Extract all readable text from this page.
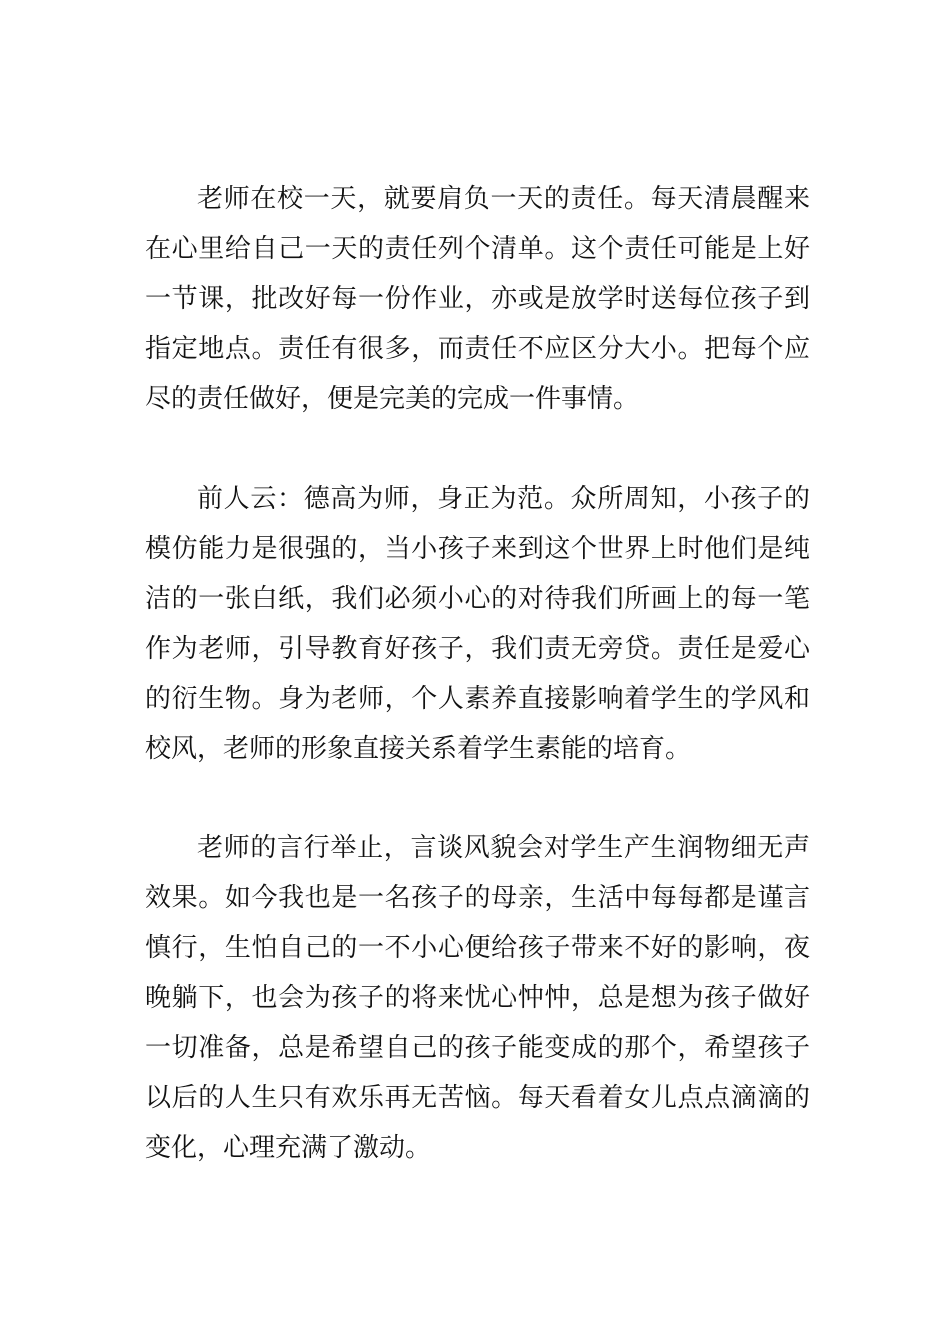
老师在校一天，就要肩负一天的责任。每天清晨醒来在心里给自己一天的责任列个清单。这个责任可能是上好一节课，批改好每一份作业，亦或是放学时送每位孩子到指定地点。责任有很多，而责任不应区分大小。把每个应尽的责任做好，便是完美的完成一件事情。

前人云：德高为师，身正为范。众所周知，小孩子的模仿能力是很强的，当小孩子来到这个世界上时他们是纯洁的一张白纸，我们必须小心的对待我们所画上的每一笔作为老师，引导教育好孩子，我们责无旁贷。责任是爱心的衍生物。身为老师，个人素养直接影响着学生的学风和校风，老师的形象直接关系着学生素能的培育。

老师的言行举止，言谈风貌会对学生产生润物细无声效果。如今我也是一名孩子的母亲，生活中每每都是谨言慎行，生怕自己的一不小心便给孩子带来不好的影响，夜晚躺下，也会为孩子的将来忧心忡忡，总是想为孩子做好一切准备，总是希望自己的孩子能变成的那个，希望孩子以后的人生只有欢乐再无苦恼。每天看着女儿点点滴滴的变化，心理充满了激动。
